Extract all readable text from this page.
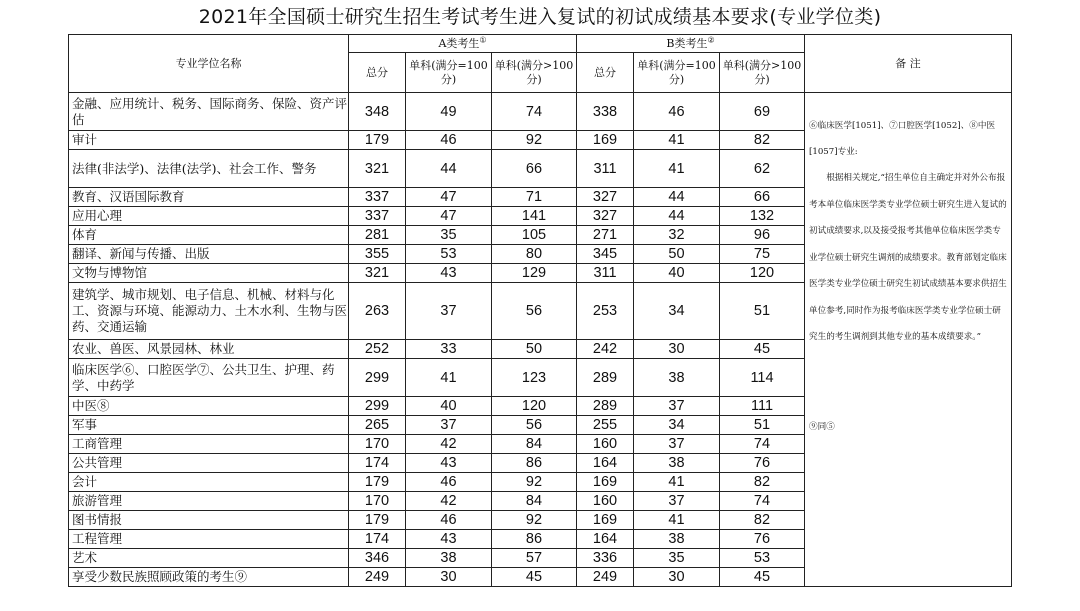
2021年全国硕士研究生招生考试考生进入复试的初试成绩基本要求(专业学位类)
专业学位名称	A类考生①			B类考生②			备 注
	总分	单科(满分=100分)	单科(满分>100分)	总分	单科(满分=100分)	单科(满分>100分)	
金融、应用统计、税务、国际商务、保险、资产评估	348	49	74	338	46	69	⑥临床医学[1051]、⑦口腔医学[1052]、⑧中医[1057]专业:
根据相关规定,“招生单位自主确定并对外公布报考本单位临床医学类专业学位硕士研究生进入复试的初试成绩要求,以及接受报考其他单位临床医学类专业学位硕士研究生调剂的成绩要求。教育部划定临床医学类专业学位硕士研究生初试成绩基本要求供招生单位参考,同时作为报考临床医学类专业学位硕士研究生的考生调剂到其他专业的基本成绩要求。”
⑨同⑤

审计	179	46	92	169	41	82	
法律(非法学)、法律(法学)、社会工作、警务	321	44	66	311	41	62	
教育、汉语国际教育	337	47	71	327	44	66	
应用心理	337	47	141	327	44	132	
体育	281	35	105	271	32	96	
翻译、新闻与传播、出版	355	53	80	345	50	75	
文物与博物馆	321	43	129	311	40	120	
建筑学、城市规划、电子信息、机械、材料与化工、资源与环境、能源动力、土木水利、生物与医药、交通运输	263	37	56	253	34	51	
农业、兽医、风景园林、林业	252	33	50	242	30	45	
临床医学⑥、口腔医学⑦、公共卫生、护理、药学、中药学	299	41	123	289	38	114	
中医⑧	299	40	120	289	37	111	
军事	265	37	56	255	34	51	
工商管理	170	42	84	160	37	74	
公共管理	174	43	86	164	38	76	
会计	179	46	92	169	41	82	
旅游管理	170	42	84	160	37	74	
图书情报	179	46	92	169	41	82	
工程管理	174	43	86	164	38	76	
艺术	346	38	57	336	35	53	
享受少数民族照顾政策的考生⑨	249	30	45	249	30	45	
